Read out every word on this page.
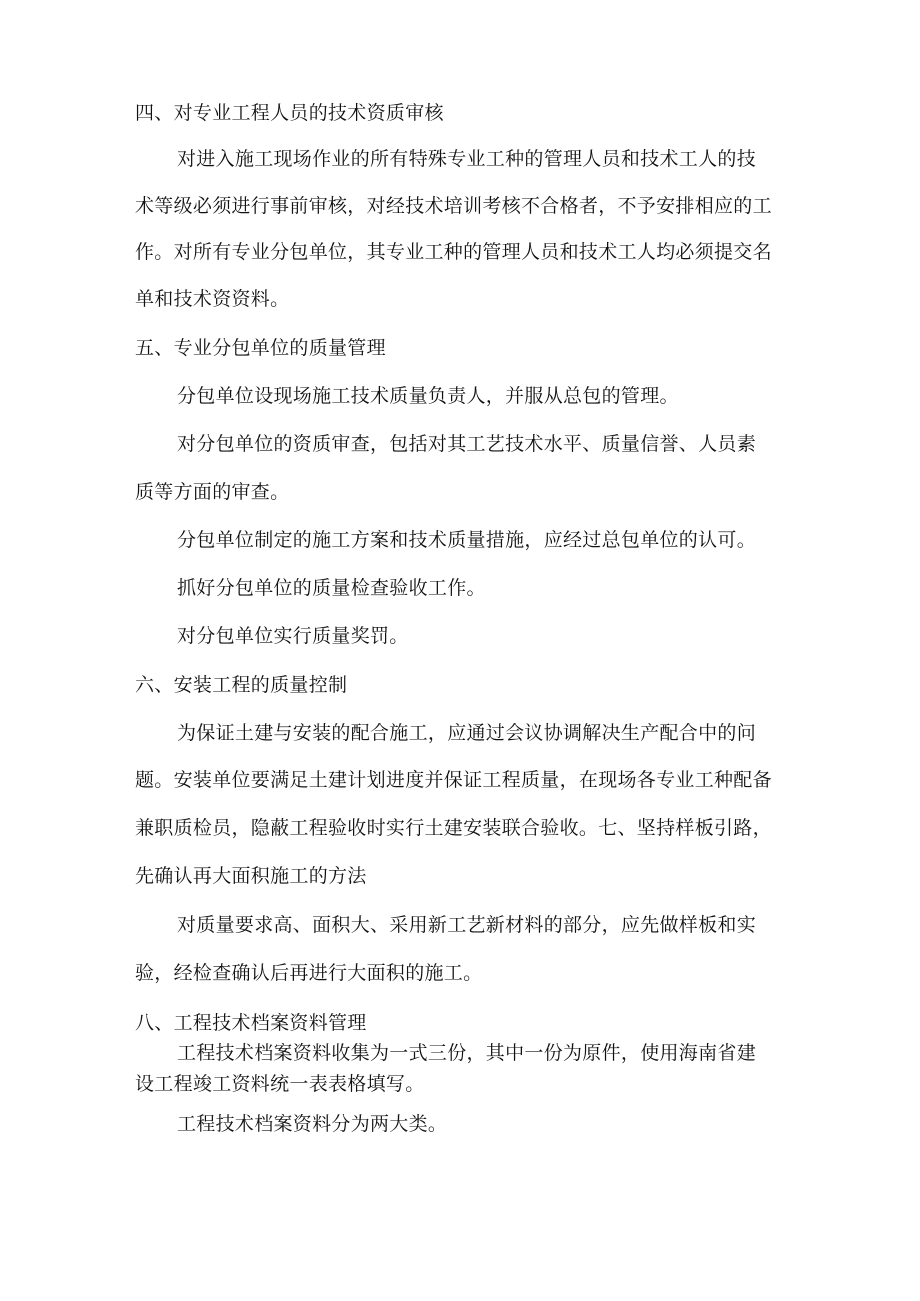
四、对专业工程人员的技术资质审核
对进入施工现场作业的所有特殊专业工种的管理人员和技术工人的技
术等级必须进行事前审核，对经技术培训考核不合格者，不予安排相应的工
作。对所有专业分包单位，其专业工种的管理人员和技术工人均必须提交名
单和技术资资料。
五、专业分包单位的质量管理
分包单位设现场施工技术质量负责人，并服从总包的管理。
对分包单位的资质审查，包括对其工艺技术水平、质量信誉、人员素
质等方面的审查。
分包单位制定的施工方案和技术质量措施，应经过总包单位的认可。
抓好分包单位的质量检查验收工作。
对分包单位实行质量奖罚。
六、安装工程的质量控制
为保证土建与安装的配合施工，应通过会议协调解决生产配合中的问
题。安装单位要满足土建计划进度并保证工程质量，在现场各专业工种配备
兼职质检员，隐蔽工程验收时实行土建安装联合验收。七、坚持样板引路，
先确认再大面积施工的方法
对质量要求高、面积大、采用新工艺新材料的部分，应先做样板和实
验，经检查确认后再进行大面积的施工。
八、工程技术档案资料管理
工程技术档案资料收集为一式三份，其中一份为原件，使用海南省建
设工程竣工资料统一表表格填写。
工程技术档案资料分为两大类。
